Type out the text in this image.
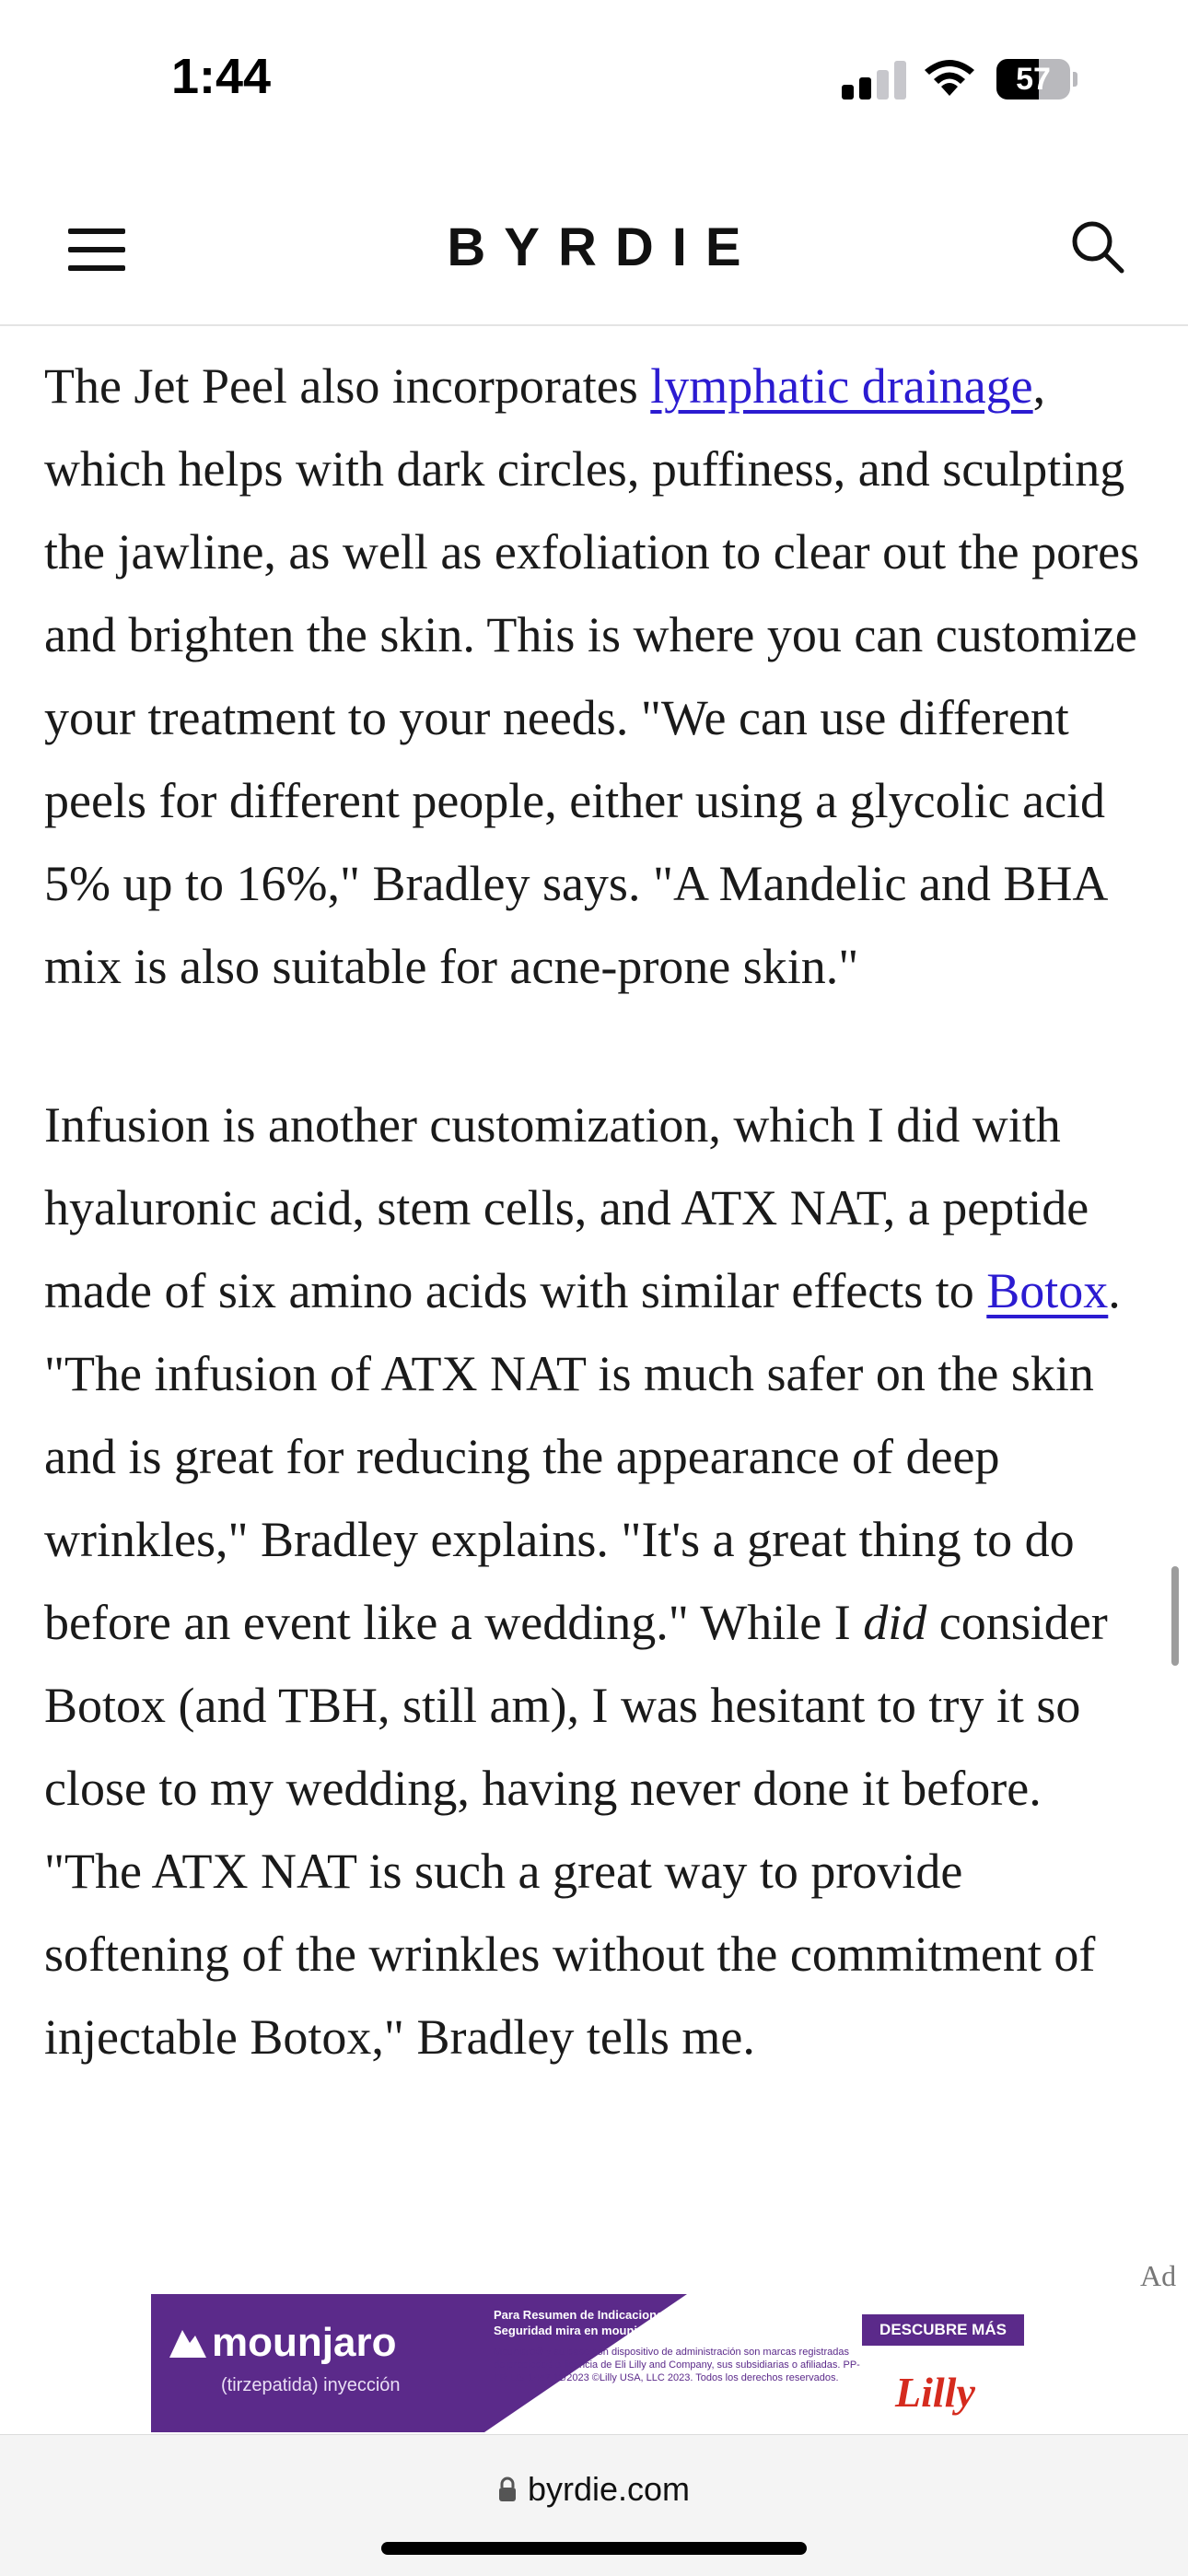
1:44	57
BYRDIE

The Jet Peel also incorporates lymphatic drainage, which helps with dark circles, puffiness, and sculpting the jawline, as well as exfoliation to clear out the pores and brighten the skin. This is where you can customize your treatment to your needs. "We can use different peels for different people, either using a glycolic acid 5% up to 16%," Bradley says. "A Mandelic and BHA mix is also suitable for acne-prone skin."

Infusion is another customization, which I did with hyaluronic acid, stem cells, and ATX NAT, a peptide made of six amino acids with similar effects to Botox. "The infusion of ATX NAT is much safer on the skin and is great for reducing the appearance of deep wrinkles," Bradley explains. "It's a great thing to do before an event like a wedding." While I did consider Botox (and TBH, still am), I was hesitant to try it so close to my wedding, having never done it before. "The ATX NAT is such a great way to provide softening of the wrinkles without the commitment of injectable Botox," Bradley tells me.

Ad
mounjaro
(tirzepatida) inyección
Para Resumen de Indicaciones y Seguridad mira en mounjaro.com/riesgo.
Mounjaro® y su base con dispositivo de administración son marcas registradas de propiedad o licencia de Eli Lilly and Company, sus subsidiarias o afiliadas. PP-TR-US-1447 11/2023 ©Lilly USA, LLC 2023. Todos los derechos reservados.
DESCUBRE MÁS
Lilly
byrdie.com
